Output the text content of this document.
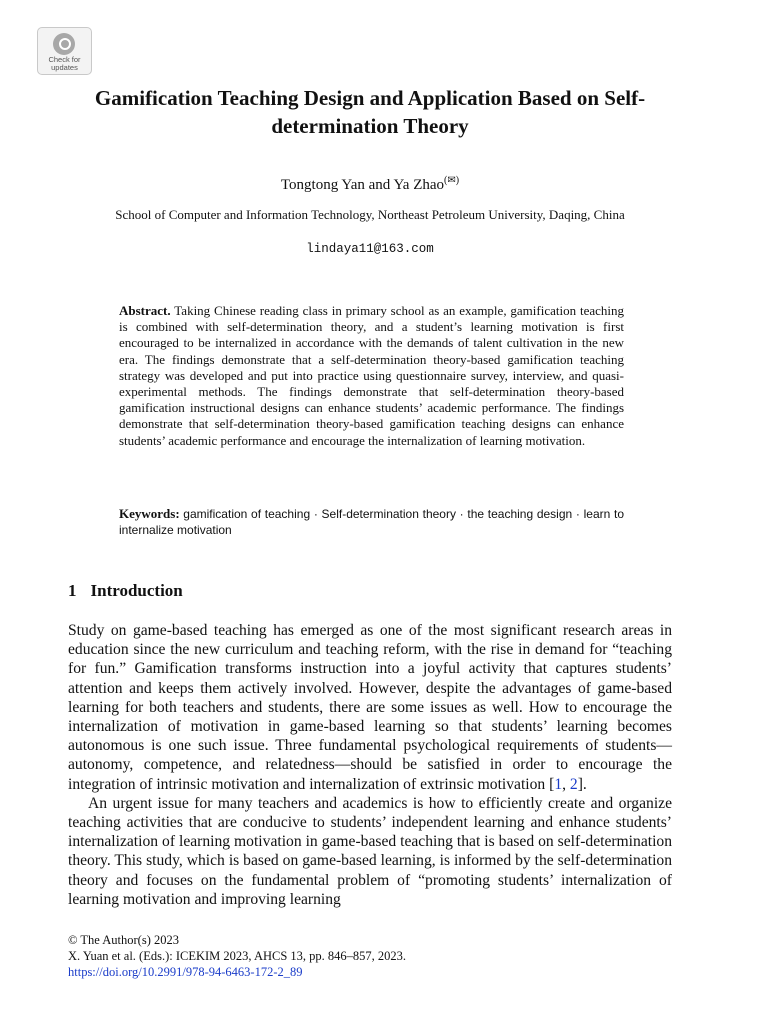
Check for updates
Gamification Teaching Design and Application Based on Self-determination Theory
Tongtong Yan and Ya Zhao(✉)
School of Computer and Information Technology, Northeast Petroleum University, Daqing, China
lindaya11@163.com
Abstract. Taking Chinese reading class in primary school as an example, gamification teaching is combined with self-determination theory, and a student’s learning motivation is first encouraged to be internalized in accordance with the demands of talent cultivation in the new era. The findings demonstrate that a self-determination theory-based gamification teaching strategy was developed and put into practice using questionnaire survey, interview, and quasi-experimental methods. The findings demonstrate that self-determination theory-based gamification instructional designs can enhance students’ academic performance. The findings demonstrate that self-determination theory-based gamification teaching designs can enhance students’ academic performance and encourage the internalization of learning motivation.
Keywords: gamification of teaching · Self-determination theory · the teaching design · learn to internalize motivation
1 Introduction

Study on game-based teaching has emerged as one of the most significant research areas in education since the new curriculum and teaching reform, with the rise in demand for “teaching for fun.” Gamification transforms instruction into a joyful activity that captures students’ attention and keeps them actively involved. However, despite the advantages of game-based learning for both teachers and students, there are some issues as well. How to encourage the internalization of motivation in game-based learning so that students’ learning becomes autonomous is one such issue. Three fundamental psychological requirements of students—autonomy, competence, and relatedness—should be satisfied in order to encourage the integration of intrinsic motivation and internalization of extrinsic motivation [1, 2].

An urgent issue for many teachers and academics is how to efficiently create and organize teaching activities that are conducive to students’ independent learning and enhance students’ internalization of learning motivation in game-based teaching that is based on self-determination theory. This study, which is based on game-based learning, is informed by the self-determination theory and focuses on the fundamental problem of “promoting students’ internalization of learning motivation and improving learning

© The Author(s) 2023
X. Yuan et al. (Eds.): ICEKIM 2023, AHCS 13, pp. 846–857, 2023.
https://doi.org/10.2991/978-94-6463-172-2_89
